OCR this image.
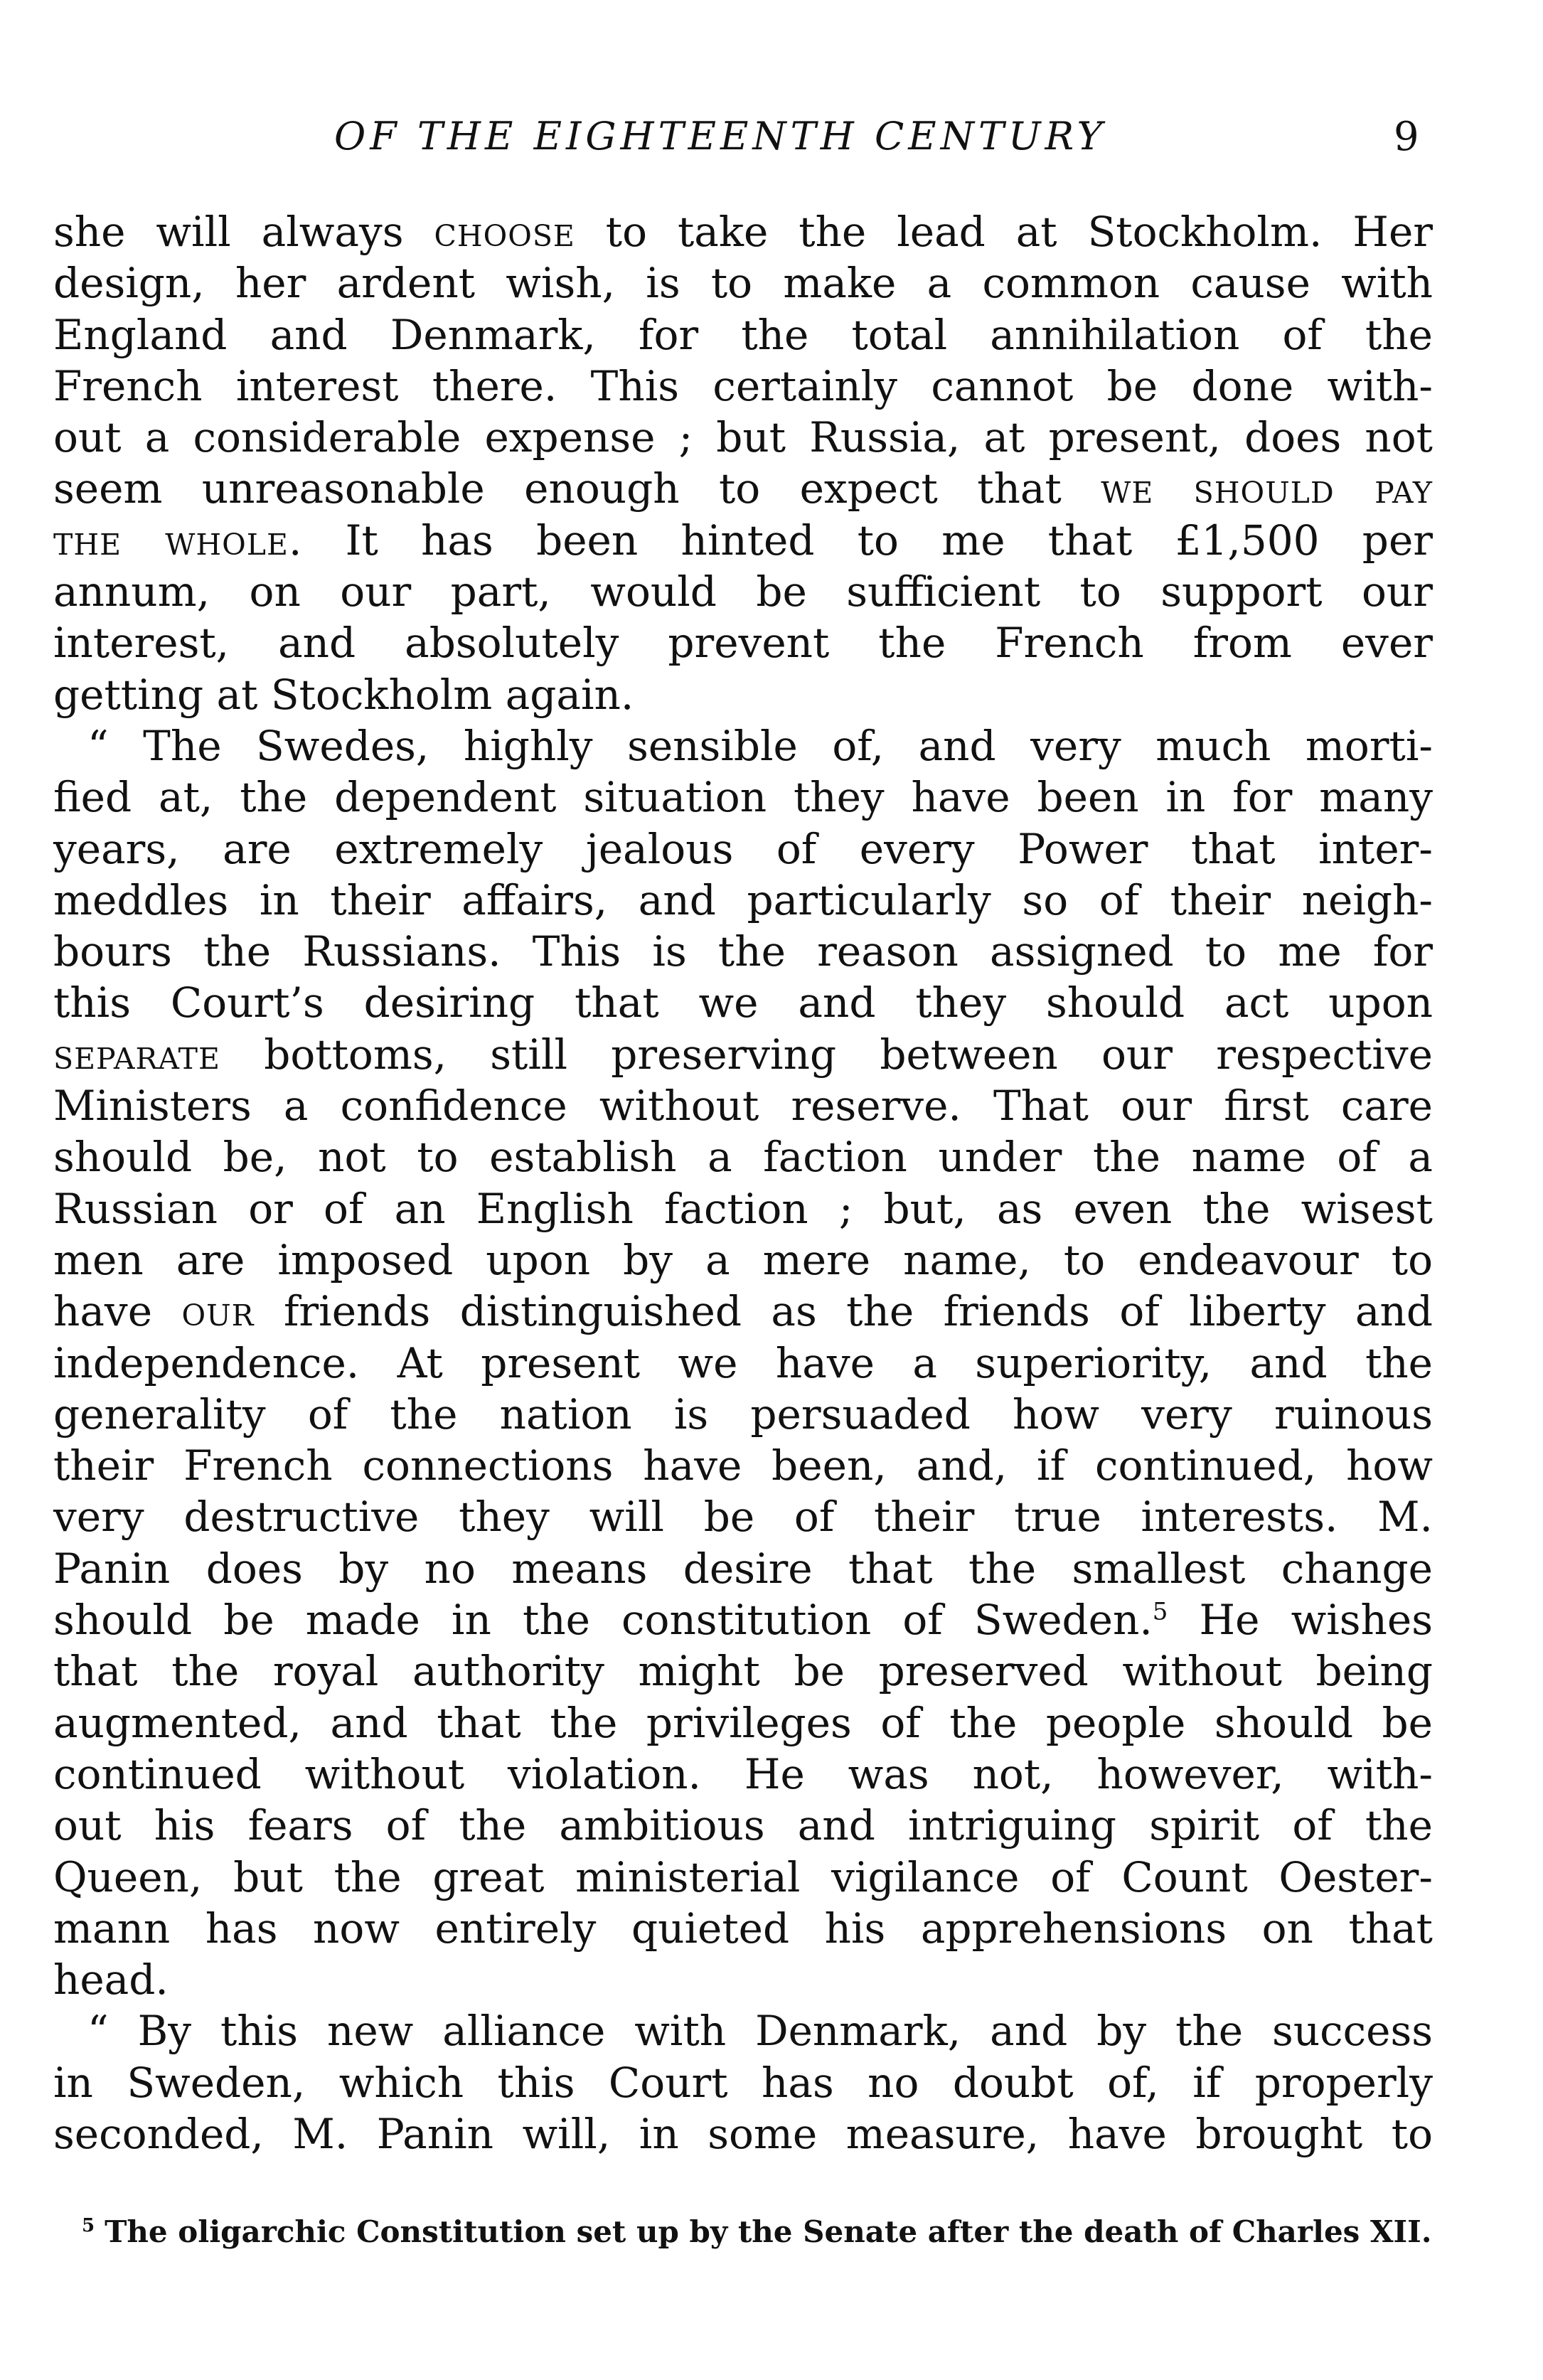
OF THE EIGHTEENTH CENTURY	9
she will always choose to take the lead at Stockholm. Her
design, her ardent wish, is to make a common cause with
England and Denmark, for the total annihilation of the
French interest there. This certainly cannot be done with-
out a considerable expense ; but Russia, at present, does not
seem unreasonable enough to expect that we should pay
the whole. It has been hinted to me that £1,500 per
annum, on our part, would be sufficient to support our
interest, and absolutely prevent the French from ever
getting at Stockholm again.
“ The Swedes, highly sensible of, and very much morti-
fied at, the dependent situation they have been in for many
years, are extremely jealous of every Power that inter-
meddles in their affairs, and particularly so of their neigh-
bours the Russians. This is the reason assigned to me for
this Court’s desiring that we and they should act upon
separate bottoms, still preserving between our respective
Ministers a confidence without reserve. That our first care
should be, not to establish a faction under the name of a
Russian or of an English faction ; but, as even the wisest
men are imposed upon by a mere name, to endeavour to
have our friends distinguished as the friends of liberty and
independence. At present we have a superiority, and the
generality of the nation is persuaded how very ruinous
their French connections have been, and, if continued, how
very destructive they will be of their true interests. M.
Panin does by no means desire that the smallest change
should be made in the constitution of Sweden.$^5$ He wishes
that the royal authority might be preserved without being
augmented, and that the privileges of the people should be
continued without violation. He was not, however, with-
out his fears of the ambitious and intriguing spirit of the
Queen, but the great ministerial vigilance of Count Oester-
mann has now entirely quieted his apprehensions on that
head.
“ By this new alliance with Denmark, and by the success
in Sweden, which this Court has no doubt of, if properly
seconded, M. Panin will, in some measure, have brought to
$^5$ The oligarchic Constitution set up by the Senate after the death of Charles XII.
